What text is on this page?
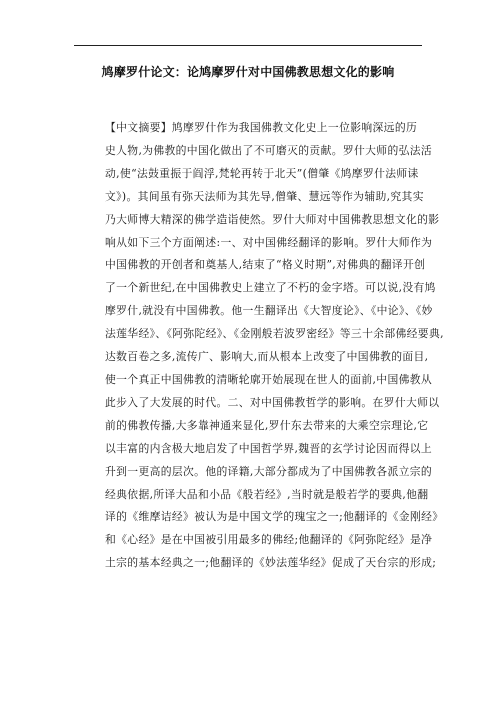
鸠摩罗什论文：论鸠摩罗什对中国佛教思想文化的影响
【中文摘要】鸠摩罗什作为我国佛教文化史上一位影响深远的历
史人物,为佛教的中国化做出了不可磨灭的贡献。罗什大师的弘法活
动,使“法鼓重振于阎浮,梵轮再转于北天”(僧肇《鸠摩罗什法师诔
文》)。其间虽有弥天法师为其先导,僧肇、慧远等作为辅助,究其实
乃大师博大精深的佛学造诣使然。罗什大师对中国佛教思想文化的影
响从如下三个方面阐述:一、对中国佛经翻译的影响。罗什大师作为
中国佛教的开创者和奠基人,结束了“格义时期”,对佛典的翻译开创
了一个新世纪,在中国佛教史上建立了不朽的金字塔。可以说,没有鸠
摩罗什,就没有中国佛教。他一生翻译出《大智度论》、《中论》、《妙
法莲华经》、《阿弥陀经》、《金刚般若波罗密经》等三十余部佛经要典,
达数百卷之多,流传广、影响大,而从根本上改变了中国佛教的面目,
使一个真正中国佛教的清晰轮廓开始展现在世人的面前,中国佛教从
此步入了大发展的时代。二、对中国佛教哲学的影响。在罗什大师以
前的佛教传播,大多靠神通来显化,罗什东去带来的大乘空宗理论,它
以丰富的内含极大地启发了中国哲学界,魏晋的玄学讨论因而得以上
升到一更高的层次。他的译籍,大部分都成为了中国佛教各派立宗的
经典依据,所译大品和小品《般若经》,当时就是般若学的要典,他翻
译的《维摩诘经》被认为是中国文学的瑰宝之一;他翻译的《金刚经》
和《心经》是在中国被引用最多的佛经;他翻译的《阿弥陀经》是净
土宗的基本经典之一;他翻译的《妙法莲华经》促成了天台宗的形成;
